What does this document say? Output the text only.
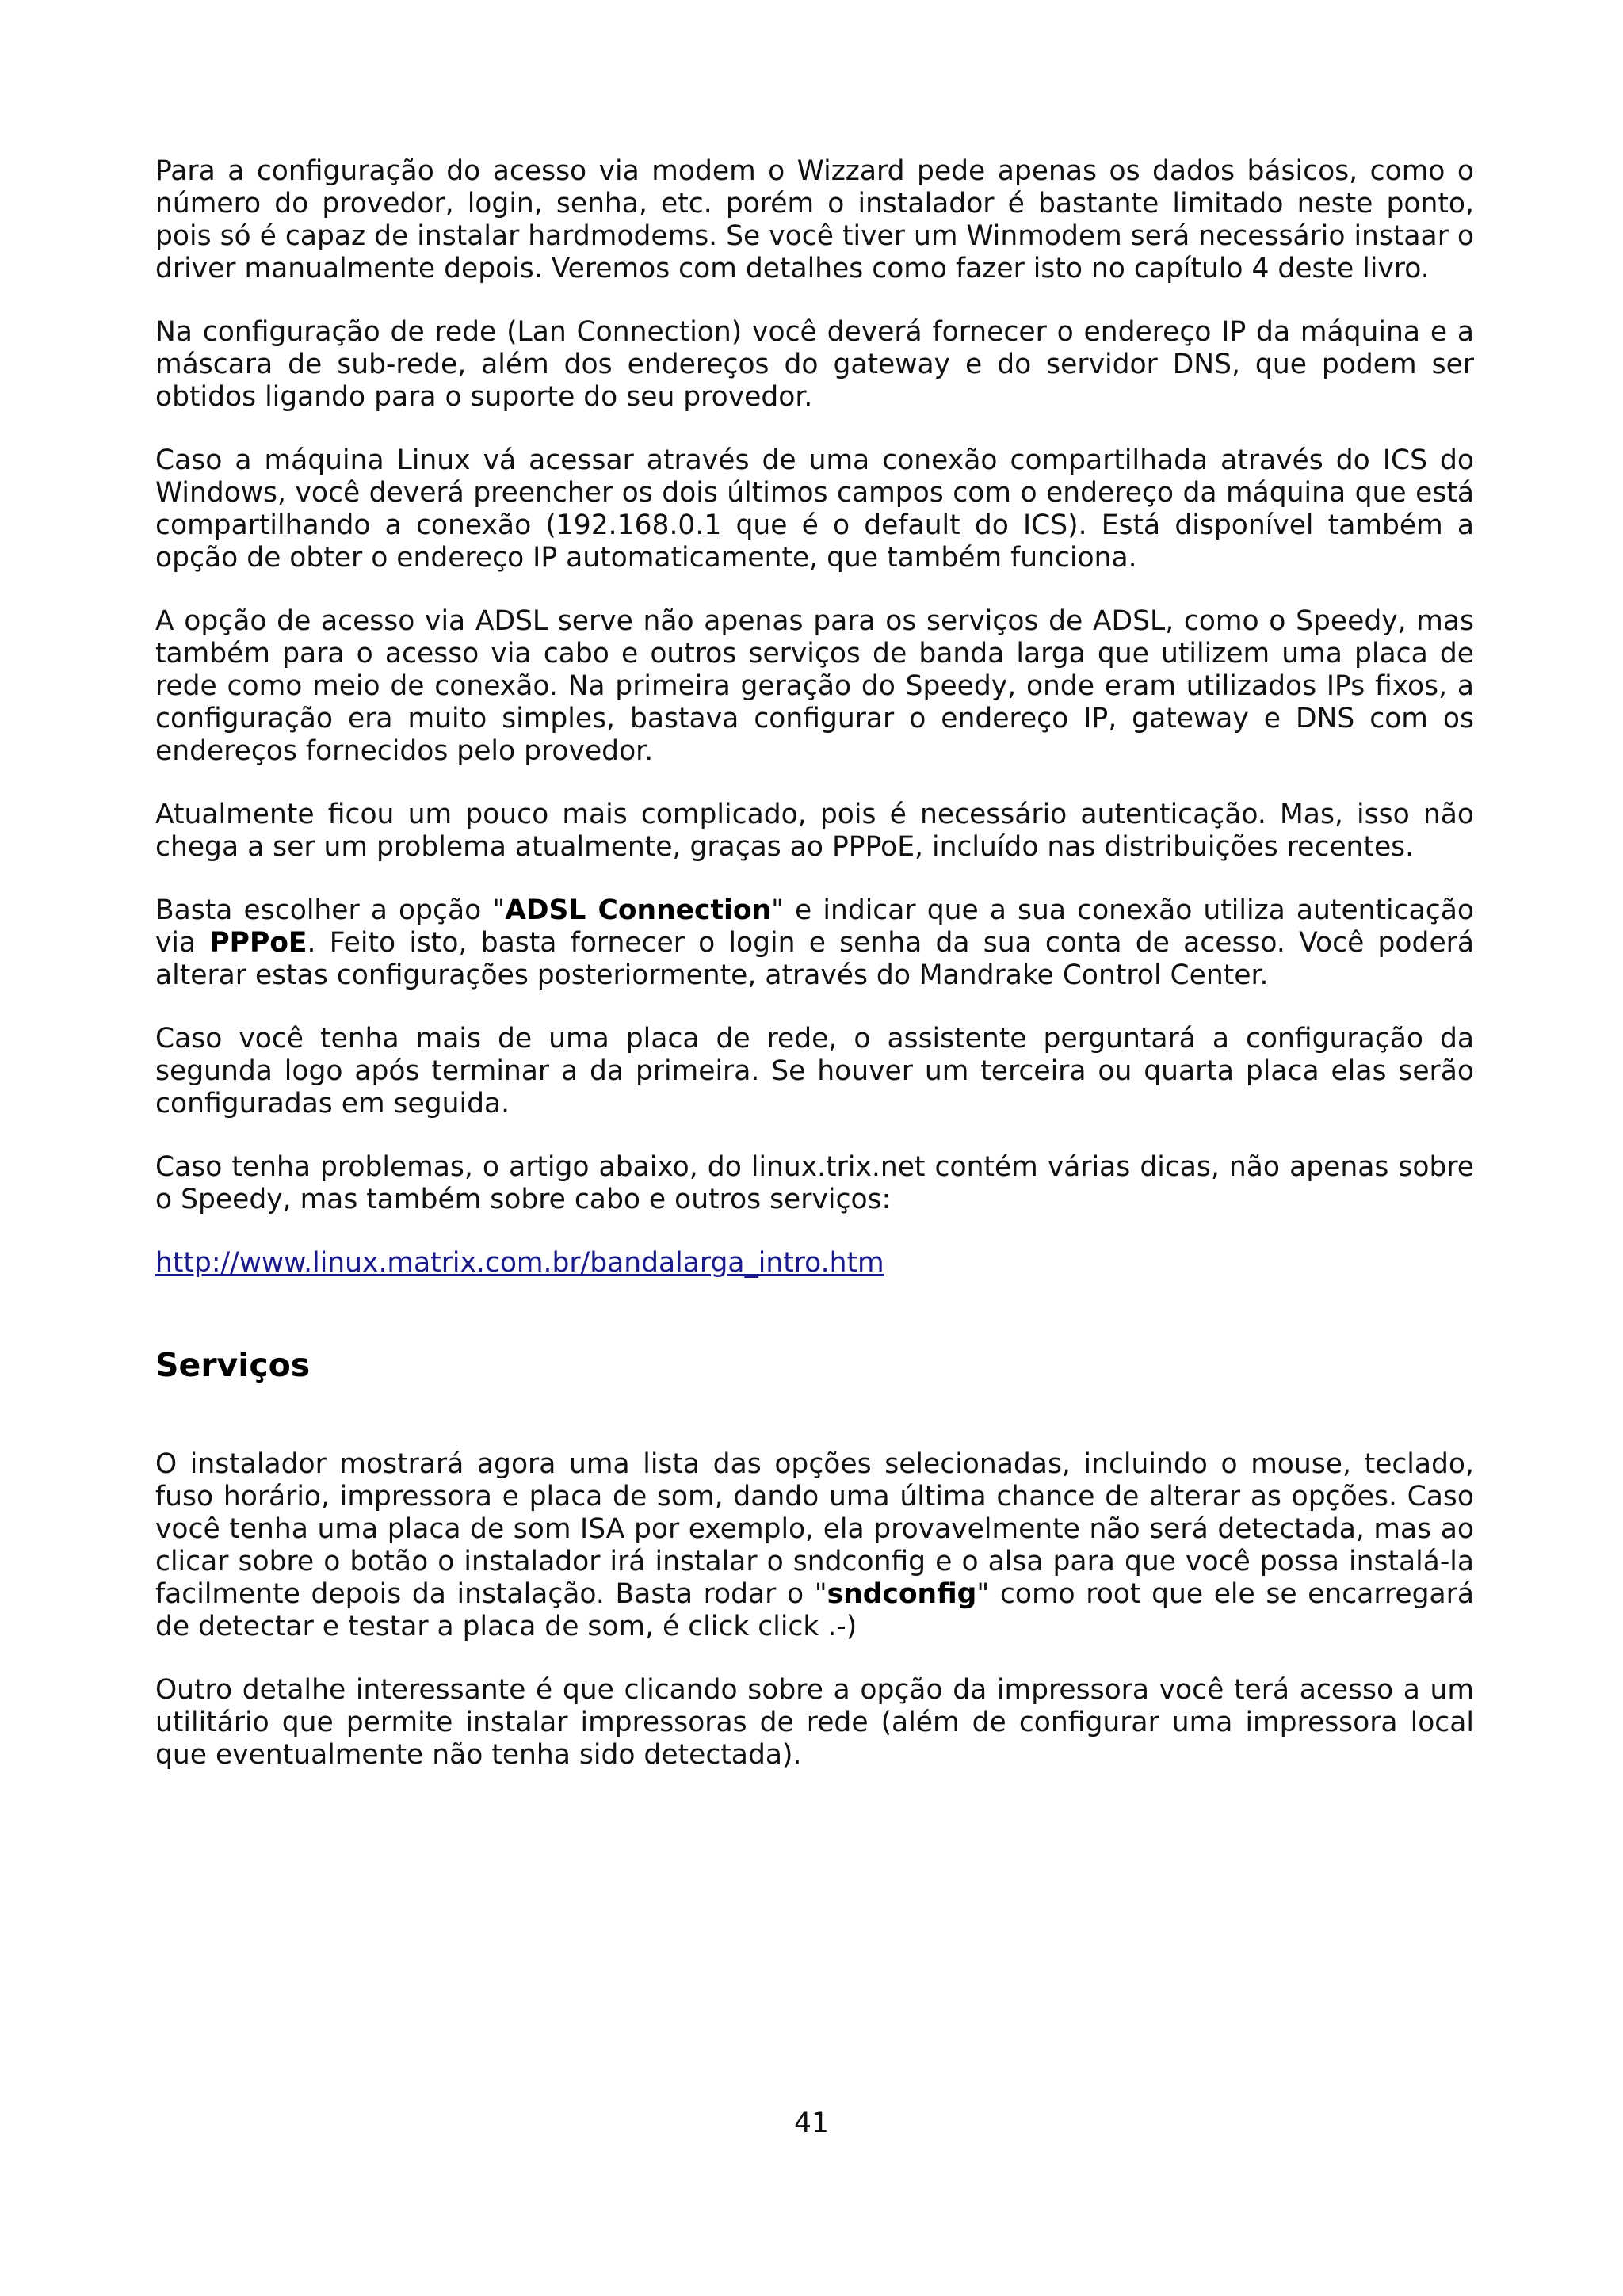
Para a configuração do acesso via modem o Wizzard pede apenas os dados básicos, como o número do provedor, login, senha, etc. porém o instalador é bastante limitado neste ponto, pois só é capaz de instalar hardmodems. Se você tiver um Winmodem será necessário instaar o driver manualmente depois. Veremos com detalhes como fazer isto no capítulo 4 deste livro.

Na configuração de rede (Lan Connection) você deverá fornecer o endereço IP da máquina e a máscara de sub-rede, além dos endereços do gateway e do servidor DNS, que podem ser obtidos ligando para o suporte do seu provedor.

Caso a máquina Linux vá acessar através de uma conexão compartilhada através do ICS do Windows, você deverá preencher os dois últimos campos com o endereço da máquina que está compartilhando a conexão (192.168.0.1 que é o default do ICS). Está disponível também a opção de obter o endereço IP automaticamente, que também funciona.

A opção de acesso via ADSL serve não apenas para os serviços de ADSL, como o Speedy, mas também para o acesso via cabo e outros serviços de banda larga que utilizem uma placa de rede como meio de conexão. Na primeira geração do Speedy, onde eram utilizados IPs fixos, a configuração era muito simples, bastava configurar o endereço IP, gateway e DNS com os endereços fornecidos pelo provedor.

Atualmente ficou um pouco mais complicado, pois é necessário autenticação. Mas, isso não chega a ser um problema atualmente, graças ao PPPoE, incluído nas distribuições recentes.

Basta escolher a opção "ADSL Connection" e indicar que a sua conexão utiliza autenticação via PPPoE. Feito isto, basta fornecer o login e senha da sua conta de acesso. Você poderá alterar estas configurações posteriormente, através do Mandrake Control Center.

Caso você tenha mais de uma placa de rede, o assistente perguntará a configuração da segunda logo após terminar a da primeira. Se houver um terceira ou quarta placa elas serão configuradas em seguida.

Caso tenha problemas, o artigo abaixo, do linux.trix.net contém várias dicas, não apenas sobre o Speedy, mas também sobre cabo e outros serviços:

http://www.linux.matrix.com.br/bandalarga_intro.htm

Serviços

O instalador mostrará agora uma lista das opções selecionadas, incluindo o mouse, teclado, fuso horário, impressora e placa de som, dando uma última chance de alterar as opções. Caso você tenha uma placa de som ISA por exemplo, ela provavelmente não será detectada, mas ao clicar sobre o botão o instalador irá instalar o sndconfig e o alsa para que você possa instalá-la facilmente depois da instalação. Basta rodar o "sndconfig" como root que ele se encarregará de detectar e testar a placa de som, é click click .-)

Outro detalhe interessante é que clicando sobre a opção da impressora você terá acesso a um utilitário que permite instalar impressoras de rede (além de configurar uma impressora local que eventualmente não tenha sido detectada).

41
